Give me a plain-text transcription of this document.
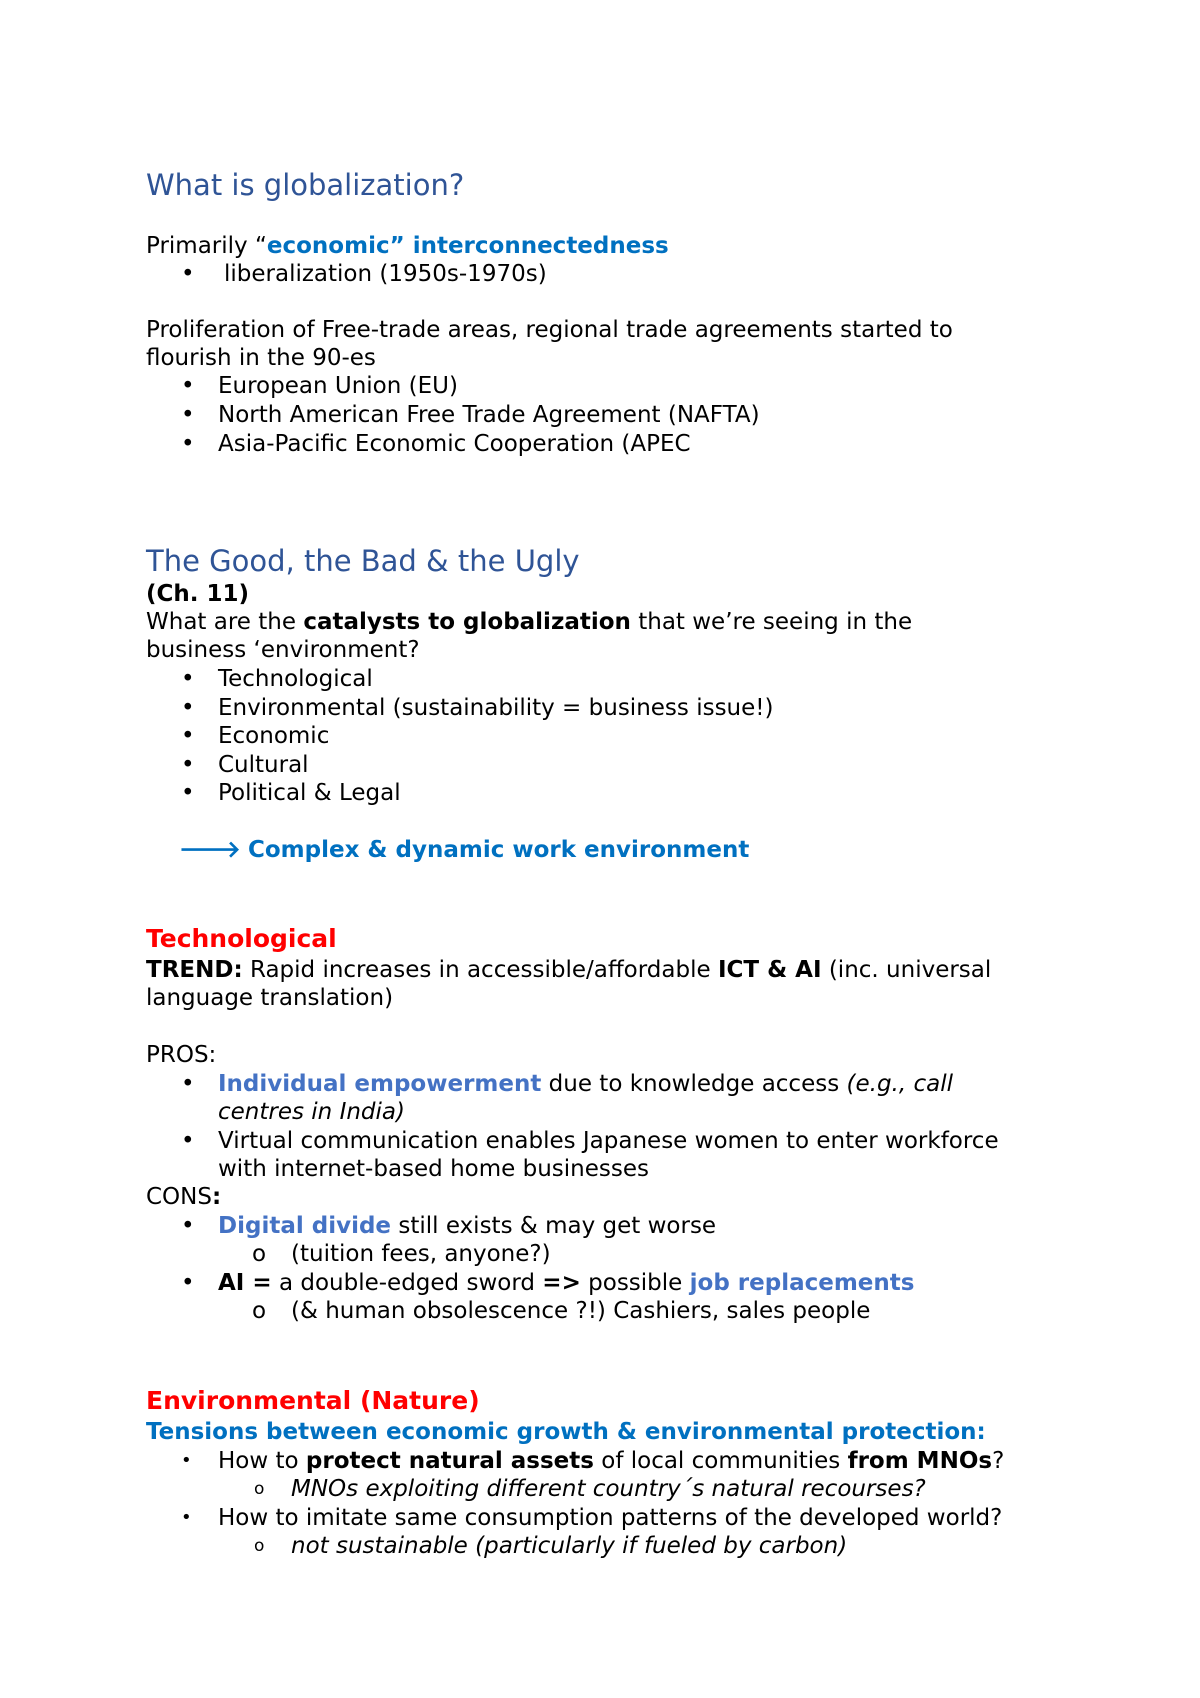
What is globalization?
Primarily “economic” interconnectedness
• liberalization (1950s-1970s)
Proliferation of Free-trade areas, regional trade agreements started to
flourish in the 90-es
• European Union (EU)
• North American Free Trade Agreement (NAFTA)
• Asia-Pacific Economic Cooperation (APEC
The Good, the Bad & the Ugly
(Ch. 11)
What are the catalysts to globalization that we’re seeing in the
business ‘environment?
• Technological
• Environmental (sustainability = business issue!)
• Economic
• Cultural
• Political & Legal
🡒 Complex & dynamic work environment
Technological
TREND: Rapid increases in accessible/affordable ICT & AI (inc. universal
language translation)
PROS:
• Individual empowerment due to knowledge access (e.g., call
centres in India)
• Virtual communication enables Japanese women to enter workforce
with internet-based home businesses
CONS:
• Digital divide still exists & may get worse
o (tuition fees, anyone?)
• AI = a double-edged sword => possible job replacements
o (& human obsolescence ?!) Cashiers, sales people
Environmental (Nature)
Tensions between economic growth & environmental protection:
• How to protect natural assets of local communities from MNOs?
o MNOs exploiting different country´s natural recourses?
• How to imitate same consumption patterns of the developed world?
o not sustainable (particularly if fueled by carbon)
